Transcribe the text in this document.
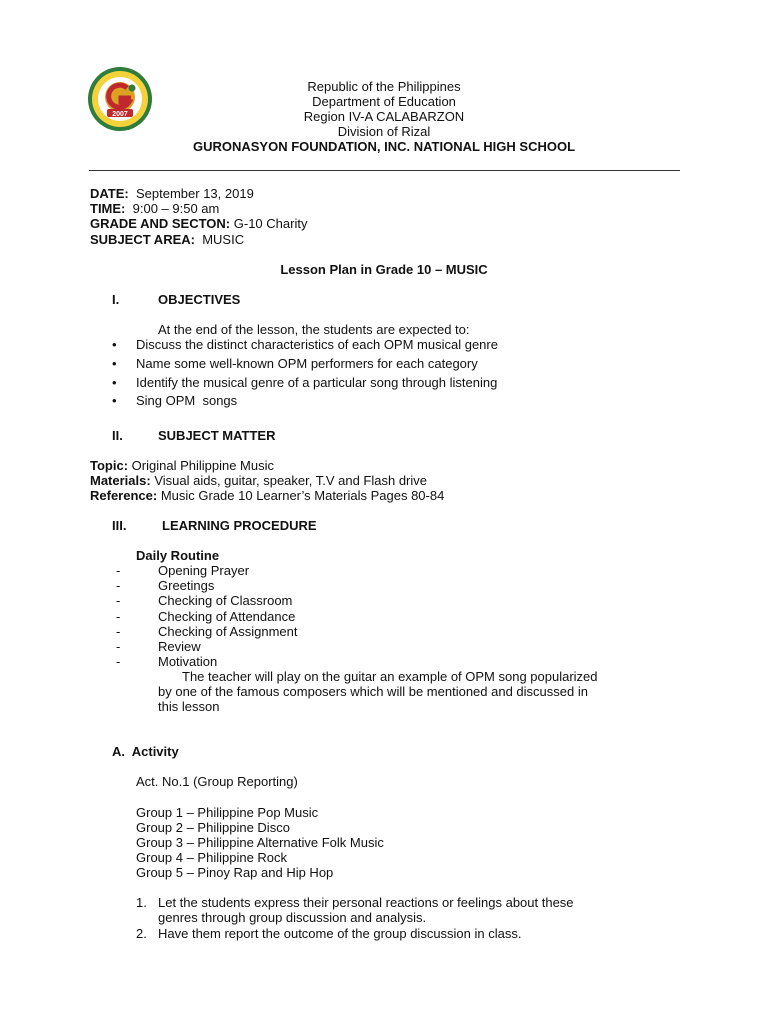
2007
Republic of the Philippines
Department of Education
Region IV-A CALABARZON
Division of Rizal
GURONASYON FOUNDATION, INC. NATIONAL HIGH SCHOOL
DATE: September 13, 2019
TIME: 9:00 – 9:50 am
GRADE AND SECTON: G-10 Charity
SUBJECT AREA: MUSIC
Lesson Plan in Grade 10 – MUSIC
I.	OBJECTIVES
At the end of the lesson, the students are expected to:
• Discuss the distinct characteristics of each OPM musical genre
• Name some well-known OPM performers for each category
• Identify the musical genre of a particular song through listening
• Sing OPM  songs
II.	SUBJECT MATTER
Topic: Original Philippine Music
Materials: Visual aids, guitar, speaker, T.V and Flash drive
Reference: Music Grade 10 Learner’s Materials Pages 80-84
III.	LEARNING PROCEDURE
Daily Routine
-	Opening Prayer
-	Greetings
-	Checking of Classroom
-	Checking of Attendance
-	Checking of Assignment
-	Review
-	Motivation
The teacher will play on the guitar an example of OPM song popularized
by one of the famous composers which will be mentioned and discussed in
this lesson
A.  Activity
Act. No.1 (Group Reporting)
Group 1 – Philippine Pop Music
Group 2 – Philippine Disco
Group 3 – Philippine Alternative Folk Music
Group 4 – Philippine Rock
Group 5 – Pinoy Rap and Hip Hop
1. Let the students express their personal reactions or feelings about these
genres through group discussion and analysis.
2. Have them report the outcome of the group discussion in class.
